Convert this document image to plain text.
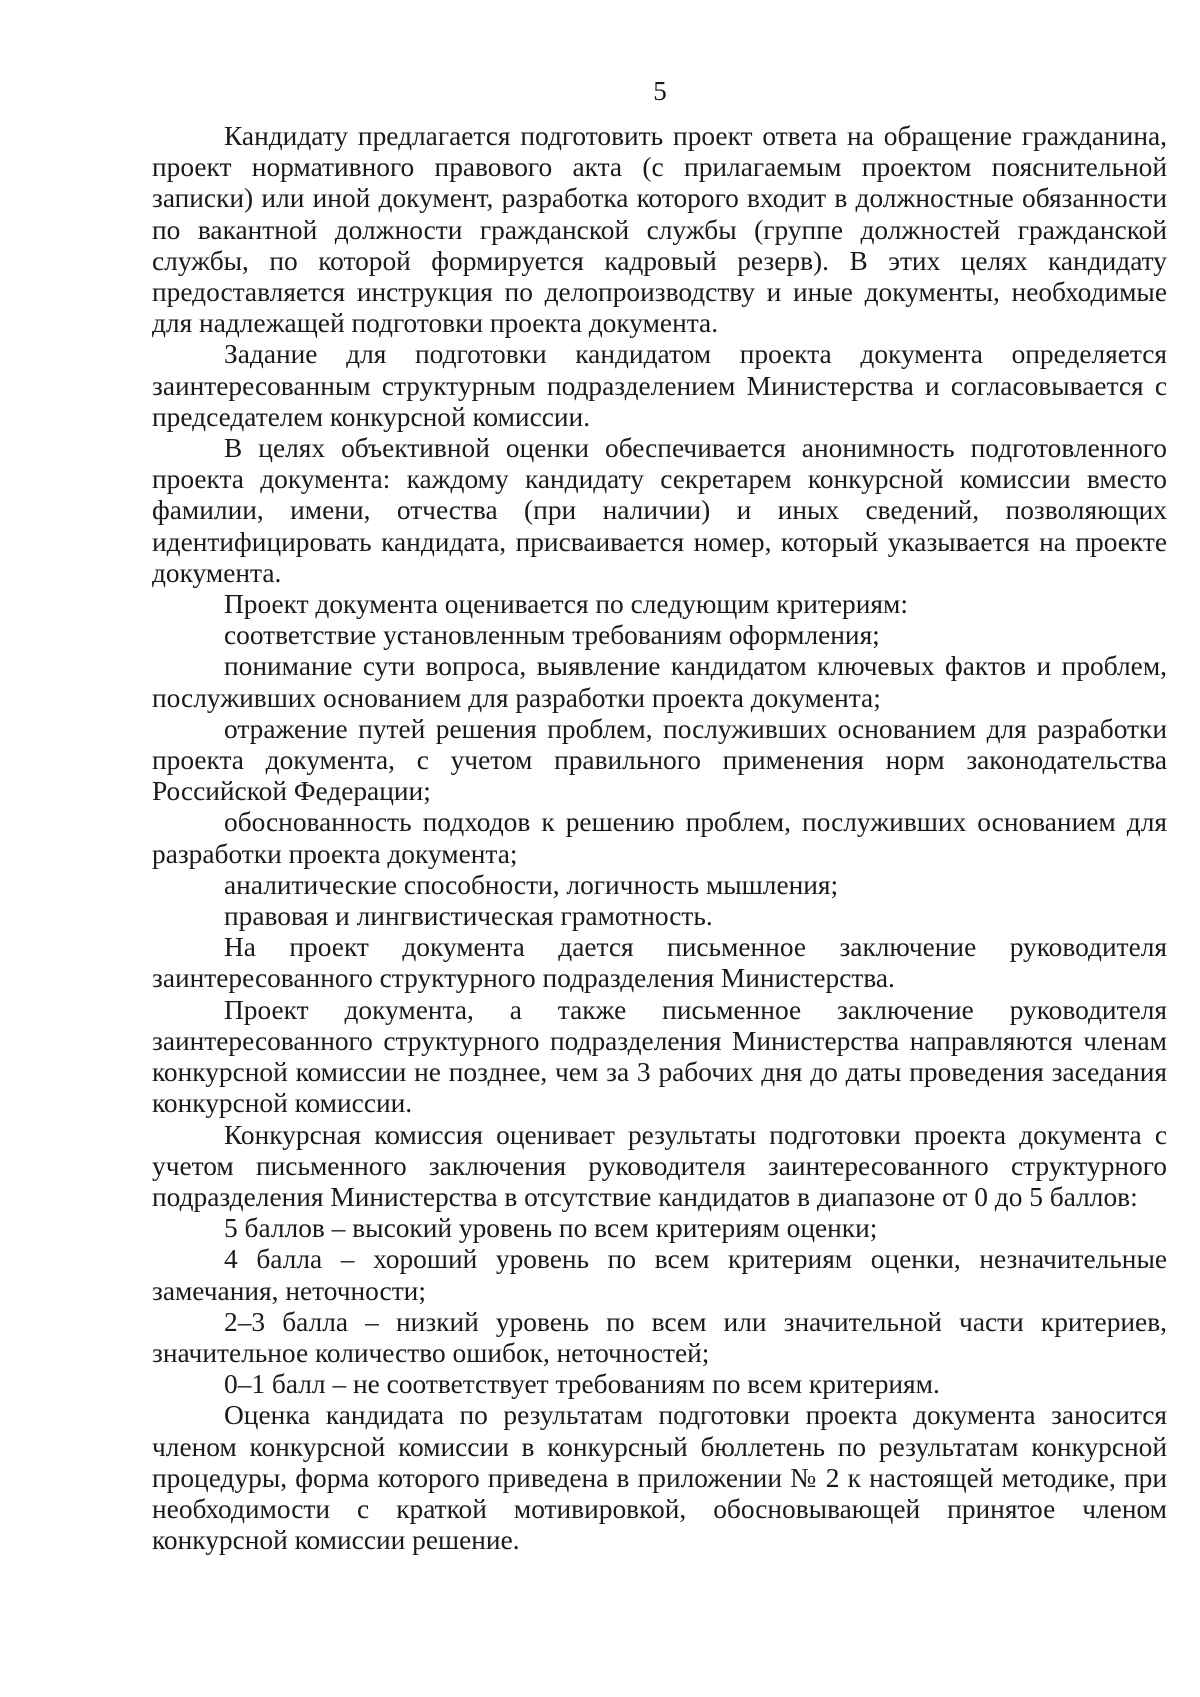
5

Кандидату предлагается подготовить проект ответа на обращение гражданина, проект нормативного правового акта (с прилагаемым проектом пояснительной записки) или иной документ, разработка которого входит в должностные обязанности по вакантной должности гражданской службы (группе должностей гражданской службы, по которой формируется кадровый резерв). В этих целях кандидату предоставляется инструкция по делопроизводству и иные документы, необходимые для надлежащей подготовки проекта документа.

Задание для подготовки кандидатом проекта документа определяется заинтересованным структурным подразделением Министерства и согласовывается с председателем конкурсной комиссии.

В целях объективной оценки обеспечивается анонимность подготовленного проекта документа: каждому кандидату секретарем конкурсной комиссии вместо фамилии, имени, отчества (при наличии) и иных сведений, позволяющих идентифицировать кандидата, присваивается номер, который указывается на проекте документа.

Проект документа оценивается по следующим критериям:

соответствие установленным требованиям оформления;

понимание сути вопроса, выявление кандидатом ключевых фактов и проблем, послуживших основанием для разработки проекта документа;

отражение путей решения проблем, послуживших основанием для разработки проекта документа, с учетом правильного применения норм законодательства Российской Федерации;

обоснованность подходов к решению проблем, послуживших основанием для разработки проекта документа;

аналитические способности, логичность мышления;

правовая и лингвистическая грамотность.

На проект документа дается письменное заключение руководителя заинтересованного структурного подразделения Министерства.

Проект документа, а также письменное заключение руководителя заинтересованного структурного подразделения Министерства направляются членам конкурсной комиссии не позднее, чем за 3 рабочих дня до даты проведения заседания конкурсной комиссии.

Конкурсная комиссия оценивает результаты подготовки проекта документа с учетом письменного заключения руководителя заинтересованного структурного подразделения Министерства в отсутствие кандидатов в диапазоне от 0 до 5 баллов:

5 баллов – высокий уровень по всем критериям оценки;

4 балла – хороший уровень по всем критериям оценки, незначительные замечания, неточности;

2–3 балла – низкий уровень по всем или значительной части критериев, значительное количество ошибок, неточностей;

0–1 балл – не соответствует требованиям по всем критериям.

Оценка кандидата по результатам подготовки проекта документа заносится членом конкурсной комиссии в конкурсный бюллетень по результатам конкурсной процедуры, форма которого приведена в приложении № 2 к настоящей методике, при необходимости с краткой мотивировкой, обосновывающей принятое членом конкурсной комиссии решение.
